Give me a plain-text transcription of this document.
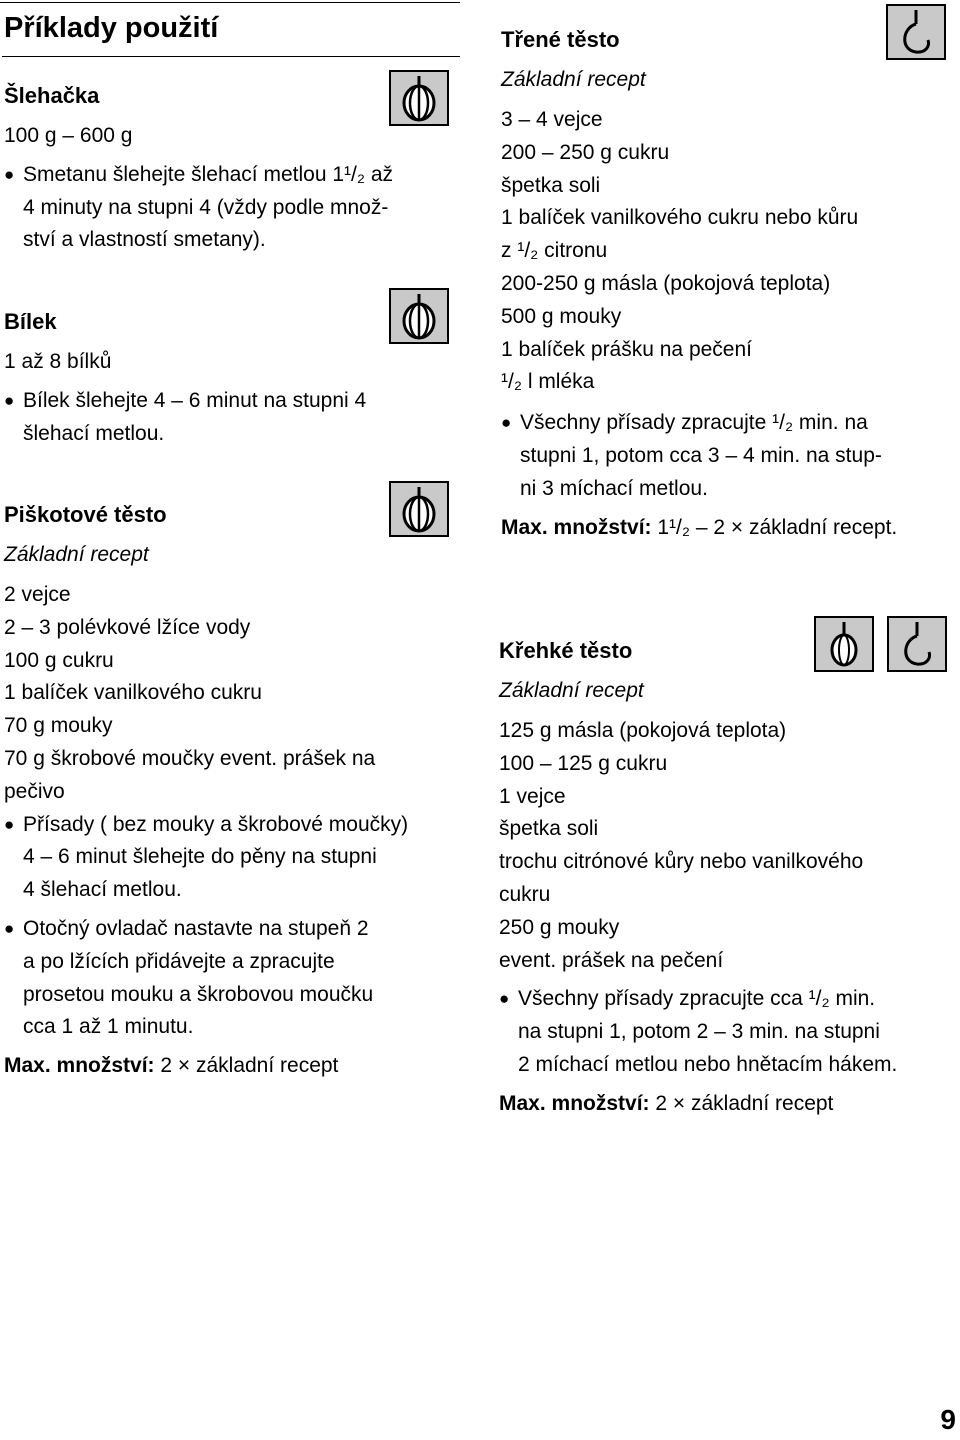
Příklady použití

Šlehačka

100 g – 600 g

● Smetanu šlehejte šlehací metlou 1¹/₂ až
4 minuty na stupni 4 (vždy podle množ-
ství a vlastností smetany).

Bílek

1 až 8 bílků

● Bílek šlehejte 4 – 6 minut na stupni 4
šlehací metlou.

Piškotové těsto

Základní recept

2 vejce

2 – 3 polévkové lžíce vody

100 g cukru

1 balíček vanilkového cukru

70 g mouky

70 g škrobové moučky event. prášek na

pečivo

● Přísady ( bez mouky a škrobové moučky)
4 – 6 minut šlehejte do pěny na stupni
4 šlehací metlou.
● Otočný ovladač nastavte na stupeň 2
a po lžících přidávejte a zpracujte
prosetou mouku a škrobovou moučku
cca 1 až 1 minutu.

Max. množství: 2 × základní recept

Třené těsto

Základní recept

3 – 4 vejce

200 – 250 g cukru

špetka soli

1 balíček vanilkového cukru nebo kůru

z ¹/₂ citronu

200-250 g másla (pokojová teplota)

500 g mouky

1 balíček prášku na pečení

¹/₂ l mléka

● Všechny přísady zpracujte ¹/₂ min. na
stupni 1, potom cca 3 – 4 min. na stup-
ni 3 míchací metlou.

Max. množství: 1¹/₂ – 2 × základní recept.

Křehké těsto

Základní recept

125 g másla (pokojová teplota)

100 – 125 g cukru

1 vejce

špetka soli

trochu citrónové kůry nebo vanilkového

cukru

250 g mouky

event. prášek na pečení

● Všechny přísady zpracujte cca ¹/₂ min.
na stupni 1, potom 2 – 3 min. na stupni
2 míchací metlou nebo hnětacím hákem.

Max. množství: 2 × základní recept

9
